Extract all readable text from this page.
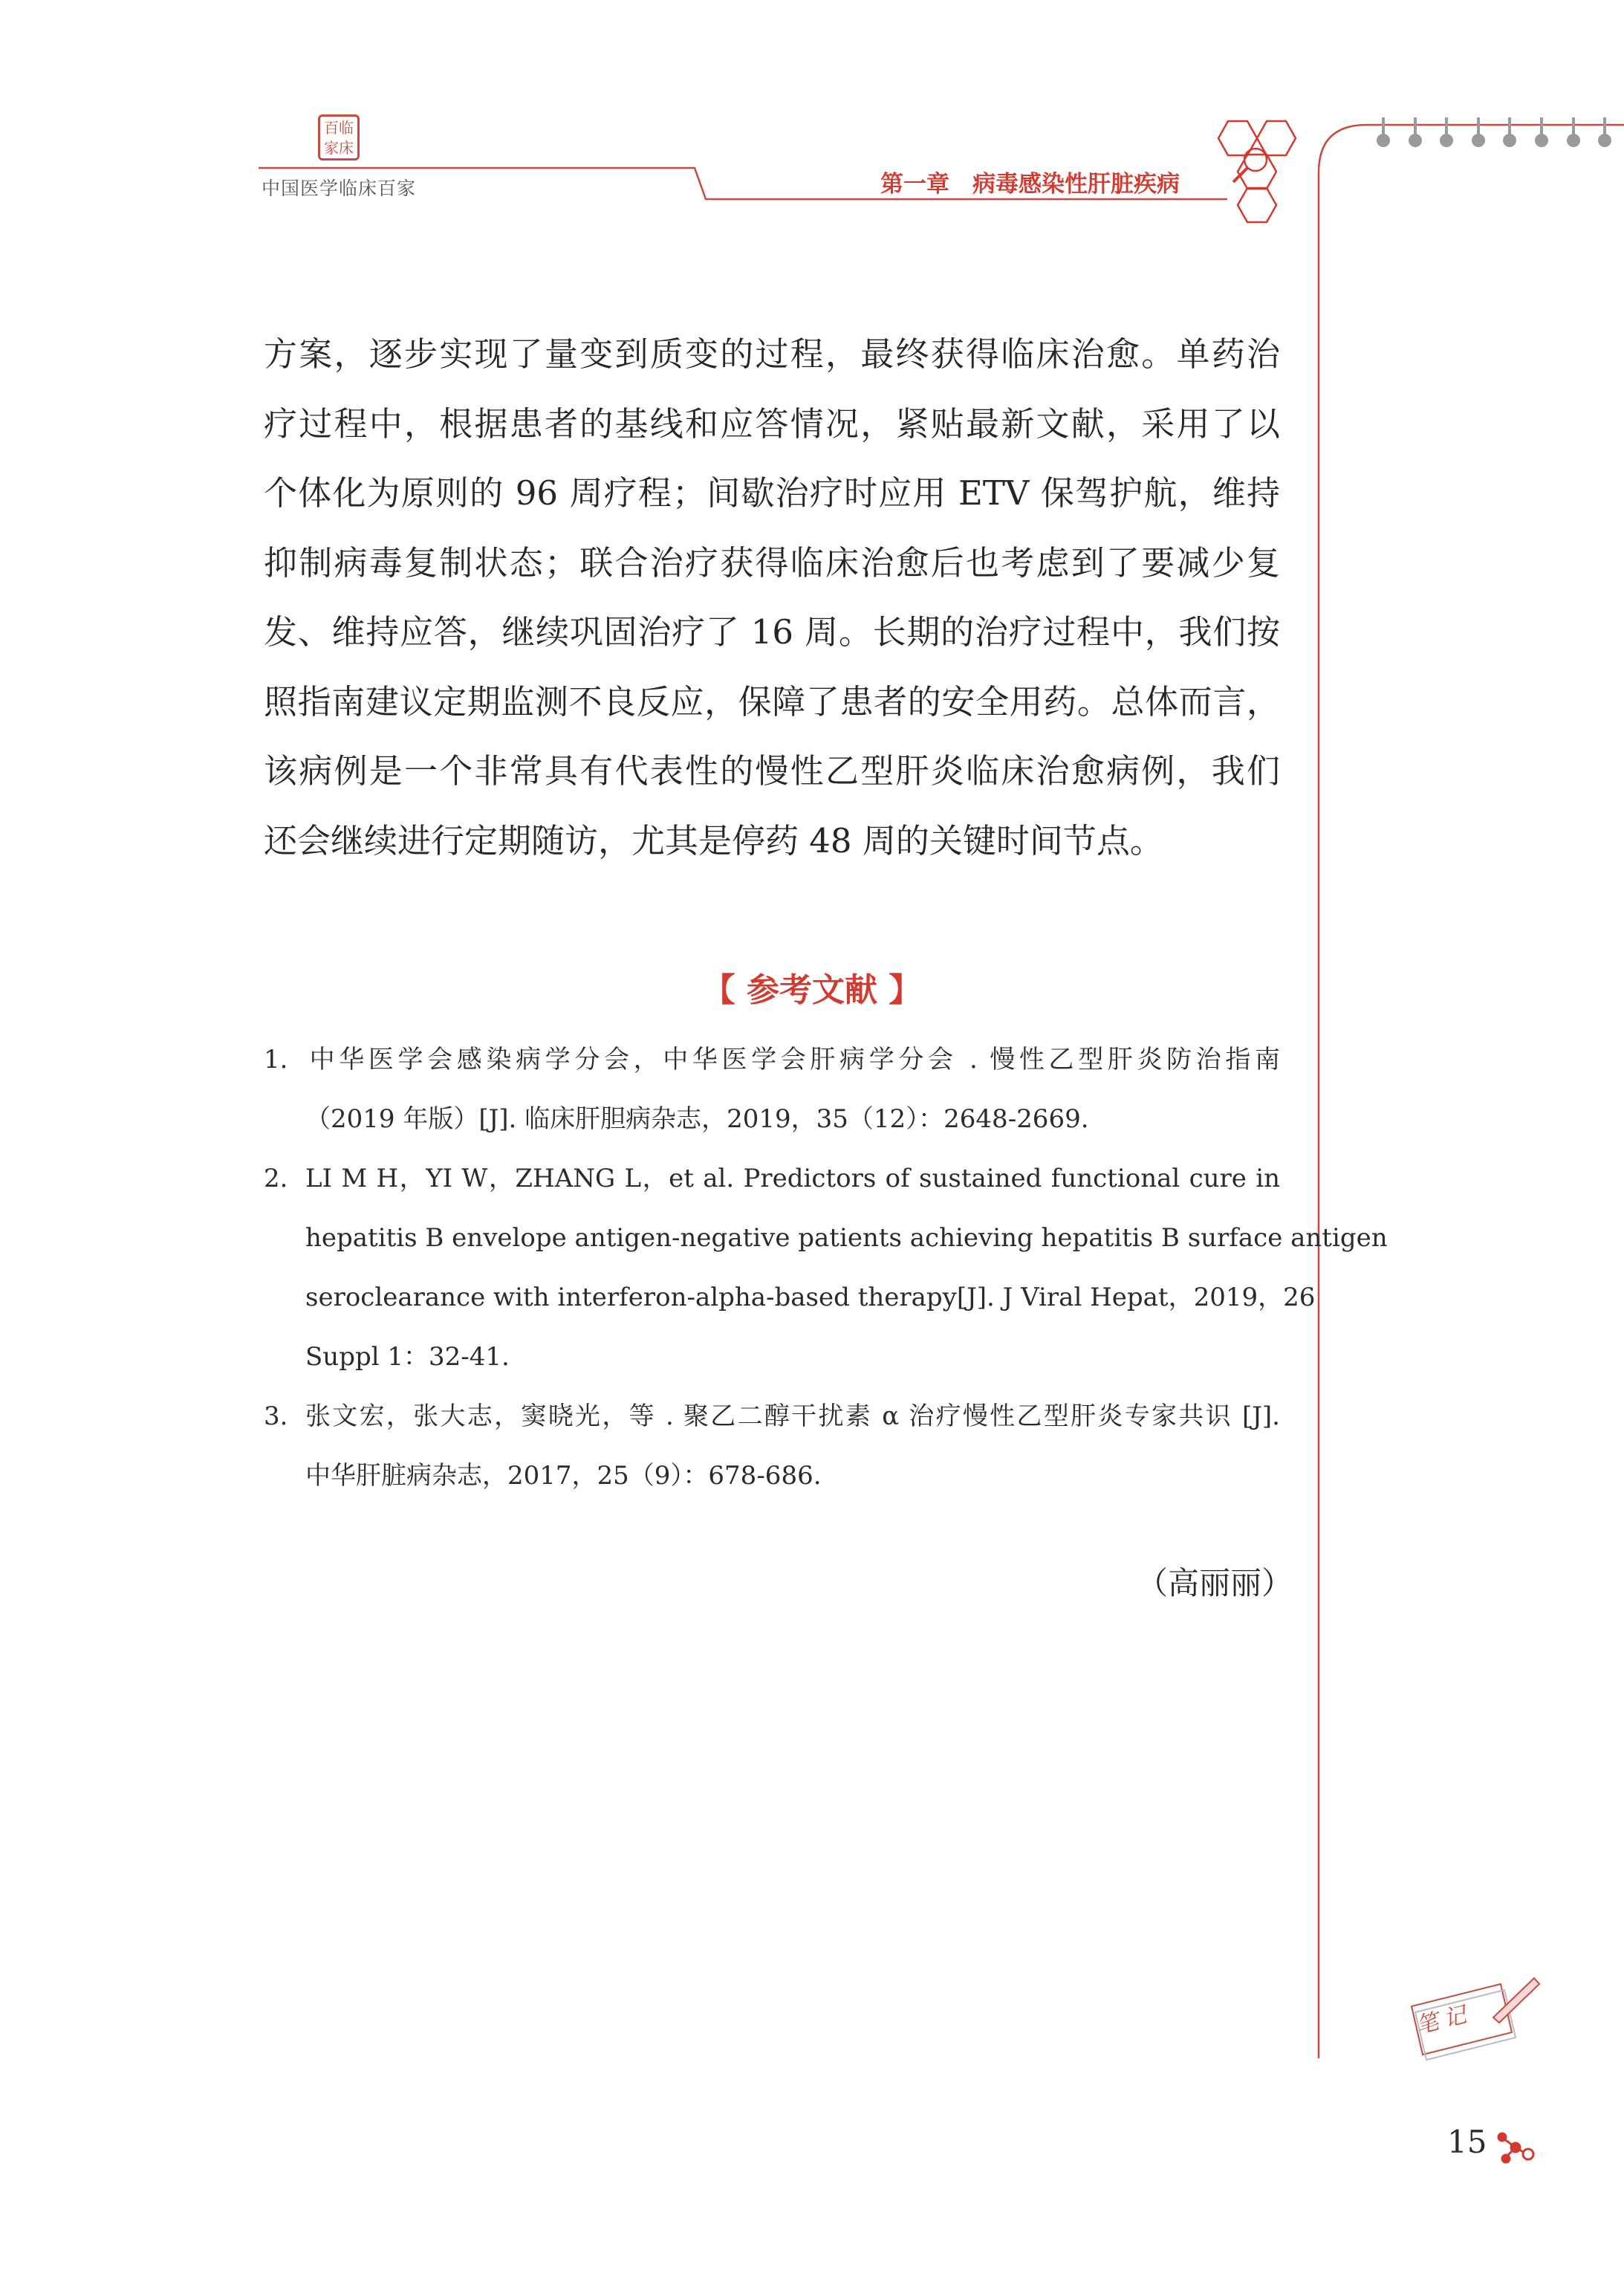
百临家床
中国医学临床百家	第一章　病毒感染性肝脏疾病
方案，逐步实现了量变到质变的过程，最终获得临床治愈。单药治
疗过程中，根据患者的基线和应答情况，紧贴最新文献，采用了以
个体化为原则的 96 周疗程；间歇治疗时应用 ETV 保驾护航，维持
抑制病毒复制状态；联合治疗获得临床治愈后也考虑到了要减少复
发、维持应答，继续巩固治疗了 16 周。长期的治疗过程中，我们按
照指南建议定期监测不良反应，保障了患者的安全用药。总体而言，
该病例是一个非常具有代表性的慢性乙型肝炎临床治愈病例，我们
还会继续进行定期随访，尤其是停药 48 周的关键时间节点。
【 参考文献 】
1. 中华医学会感染病学分会，中华医学会肝病学分会 . 慢性乙型肝炎防治指南
（2019 年版）[J]. 临床肝胆病杂志，2019，35（12）：2648-2669.
2. LI M H，YI W，ZHANG L，et al. Predictors of sustained functional cure in
hepatitis B envelope antigen-negative patients achieving hepatitis B surface antigen
seroclearance with interferon-alpha-based therapy[J]. J Viral Hepat，2019，26
Suppl 1：32-41.
3. 张文宏，张大志，窦晓光，等 . 聚乙二醇干扰素 α 治疗慢性乙型肝炎专家共识 [J].
中华肝脏病杂志，2017，25（9）：678-686.
（高丽丽）
笔记
15
